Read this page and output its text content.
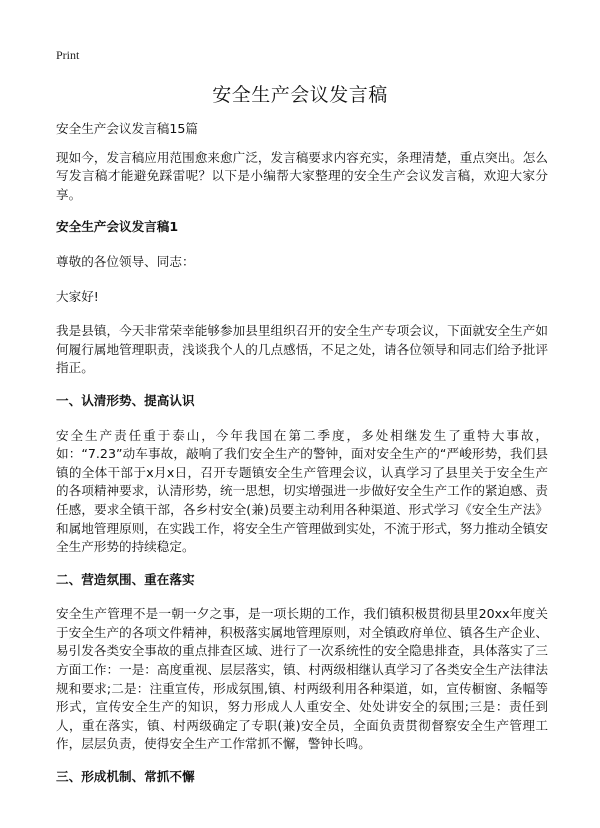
Print
安全生产会议发言稿

安全生产会议发言稿15篇

现如今，发言稿应用范围愈来愈广泛，发言稿要求内容充实，条理清楚，重点突出。怎么写发言稿才能避免踩雷呢？以下是小编帮大家整理的安全生产会议发言稿，欢迎大家分享。

安全生产会议发言稿1

尊敬的各位领导、同志：

大家好!

我是县镇，今天非常荣幸能够参加县里组织召开的安全生产专项会议，下面就安全生产如何履行属地管理职责，浅谈我个人的几点感悟，不足之处，请各位领导和同志们给予批评指正。

一、认清形势、提高认识

安全生产责任重于泰山，今年我国在第二季度，多处相继发生了重特大事故，如：“7.23”动车事故，敲响了我们安全生产的警钟，面对安全生产的“严峻形势，我们县镇的全体干部于x月x日，召开专题镇安全生产管理会议，认真学习了县里关于安全生产的各项精神要求，认清形势，统一思想，切实增强进一步做好安全生产工作的紧迫感、责任感，要求全镇干部，各乡村安全(兼)员要主动利用各种渠道、形式学习《安全生产法》和属地管理原则，在实践工作，将安全生产管理做到实处，不流于形式，努力推动全镇安全生产形势的持续稳定。

二、营造氛围、重在落实

安全生产管理不是一朝一夕之事，是一项长期的工作，我们镇积极贯彻县里20xx年度关于安全生产的各项文件精神，积极落实属地管理原则，对全镇政府单位、镇各生产企业、易引发各类安全事故的重点排查区域、进行了一次系统性的安全隐患排查，具体落实了三方面工作：一是：高度重视、层层落实，镇、村两级相继认真学习了各类安全生产法律法规和要求;二是：注重宣传，形成氛围,镇、村两级利用各种渠道，如，宣传橱窗、条幅等形式，宣传安全生产的知识，努力形成人人重安全、处处讲安全的氛围;三是：责任到人，重在落实，镇、村两级确定了专职(兼)安全员，全面负责贯彻督察安全生产管理工作，层层负责，使得安全生产工作常抓不懈，警钟长鸣。

三、形成机制、常抓不懈
